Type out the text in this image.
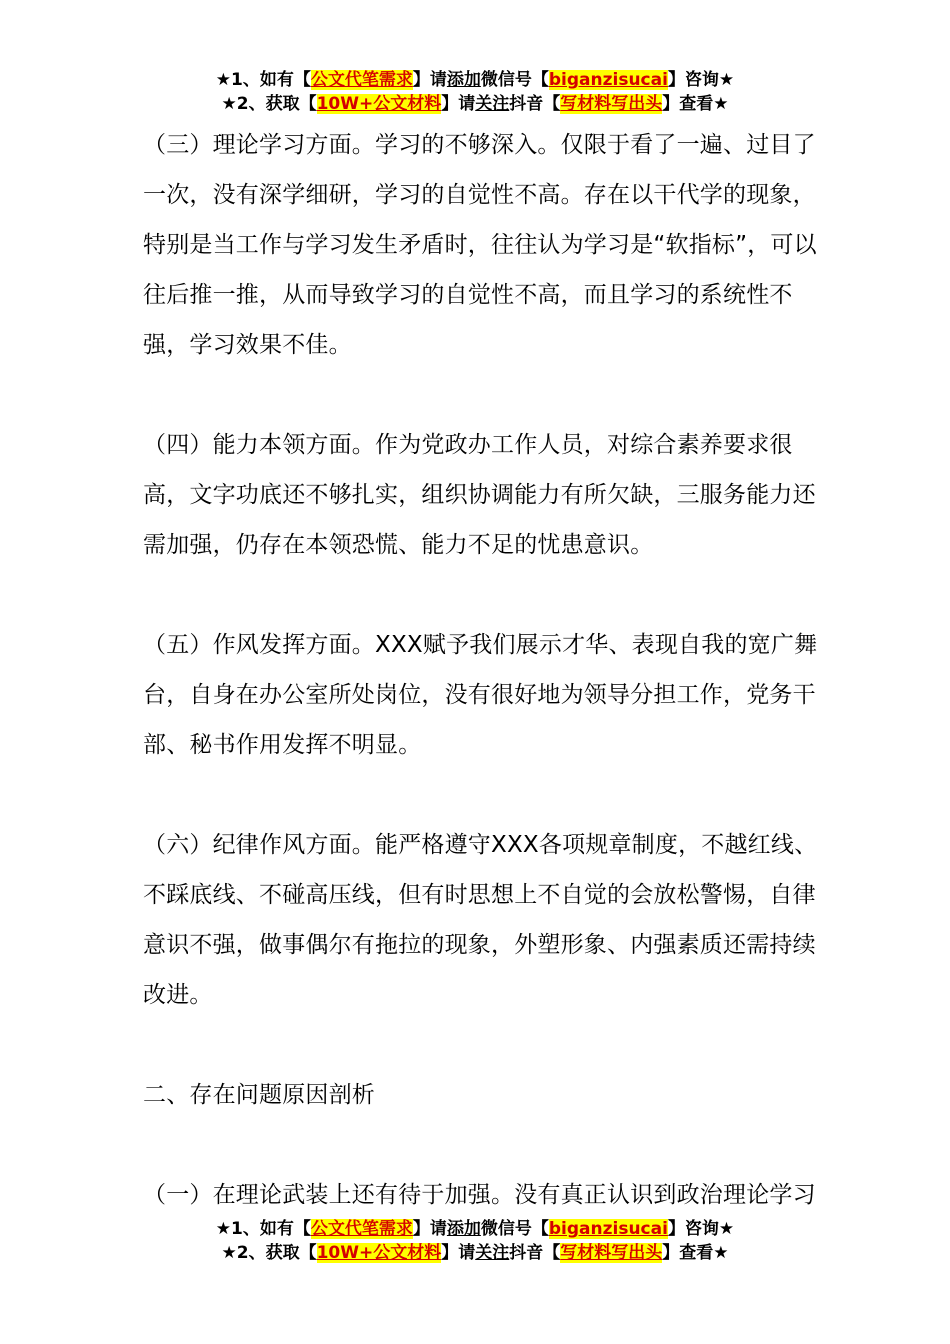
★1、如有【公文代笔需求】请添加微信号【biganzisucai】咨询★
★2、获取【10W+公文材料】请关注抖音【写材料写出头】查看★

（三）理论学习方面。学习的不够深入。仅限于看了一遍、过目了一次，没有深学细研，学习的自觉性不高。存在以干代学的现象，特别是当工作与学习发生矛盾时，往往认为学习是“软指标”，可以往后推一推，从而导致学习的自觉性不高，而且学习的系统性不强，学习效果不佳。

（四）能力本领方面。作为党政办工作人员，对综合素养要求很高，文字功底还不够扎实，组织协调能力有所欠缺，三服务能力还需加强，仍存在本领恐慌、能力不足的忧患意识。

（五）作风发挥方面。XXX赋予我们展示才华、表现自我的宽广舞台，自身在办公室所处岗位，没有很好地为领导分担工作，党务干部、秘书作用发挥不明显。

（六）纪律作风方面。能严格遵守XXX各项规章制度，不越红线、不踩底线、不碰高压线，但有时思想上不自觉的会放松警惕，自律意识不强，做事偶尔有拖拉的现象，外塑形象、内强素质还需持续改进。

二、存在问题原因剖析

（一）在理论武装上还有待于加强。没有真正认识到政治理论学习

★1、如有【公文代笔需求】请添加微信号【biganzisucai】咨询★
★2、获取【10W+公文材料】请关注抖音【写材料写出头】查看★
